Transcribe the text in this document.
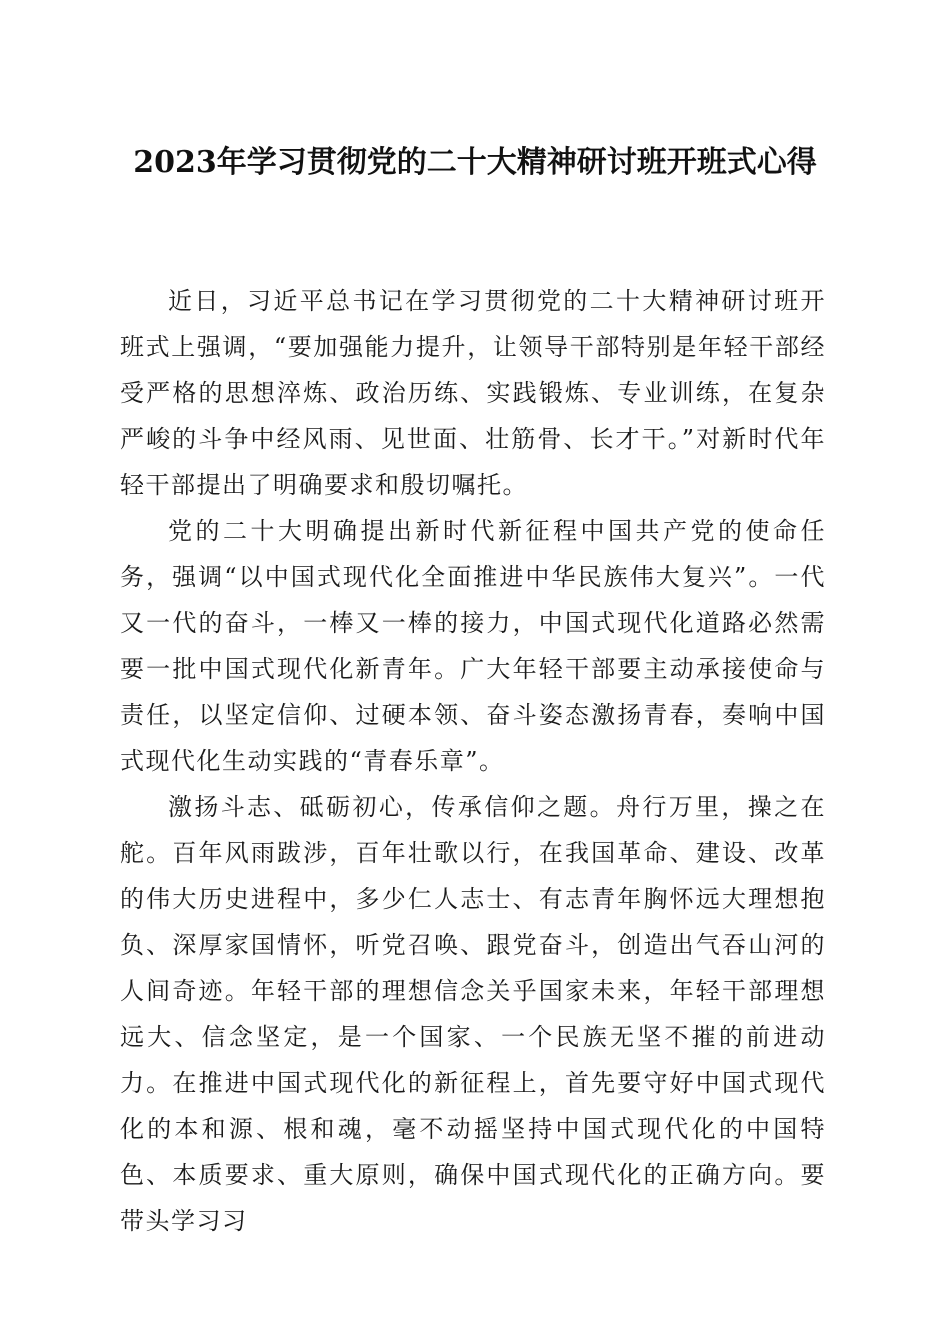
2023年学习贯彻党的二十大精神研讨班开班式心得

近日，习近平总书记在学习贯彻党的二十大精神研讨班开班式上强调，“要加强能力提升，让领导干部特别是年轻干部经受严格的思想淬炼、政治历练、实践锻炼、专业训练，在复杂严峻的斗争中经风雨、见世面、壮筋骨、长才干。”对新时代年轻干部提出了明确要求和殷切嘱托。

党的二十大明确提出新时代新征程中国共产党的使命任务，强调“以中国式现代化全面推进中华民族伟大复兴”。一代又一代的奋斗，一棒又一棒的接力，中国式现代化道路必然需要一批中国式现代化新青年。广大年轻干部要主动承接使命与责任，以坚定信仰、过硬本领、奋斗姿态激扬青春，奏响中国式现代化生动实践的“青春乐章”。

激扬斗志、砥砺初心，传承信仰之题。舟行万里，操之在舵。百年风雨跋涉，百年壮歌以行，在我国革命、建设、改革的伟大历史进程中，多少仁人志士、有志青年胸怀远大理想抱负、深厚家国情怀，听党召唤、跟党奋斗，创造出气吞山河的人间奇迹。年轻干部的理想信念关乎国家未来，年轻干部理想远大、信念坚定，是一个国家、一个民族无坚不摧的前进动力。在推进中国式现代化的新征程上，首先要守好中国式现代化的本和源、根和魂，毫不动摇坚持中国式现代化的中国特色、本质要求、重大原则，确保中国式现代化的正确方向。要带头学习习
